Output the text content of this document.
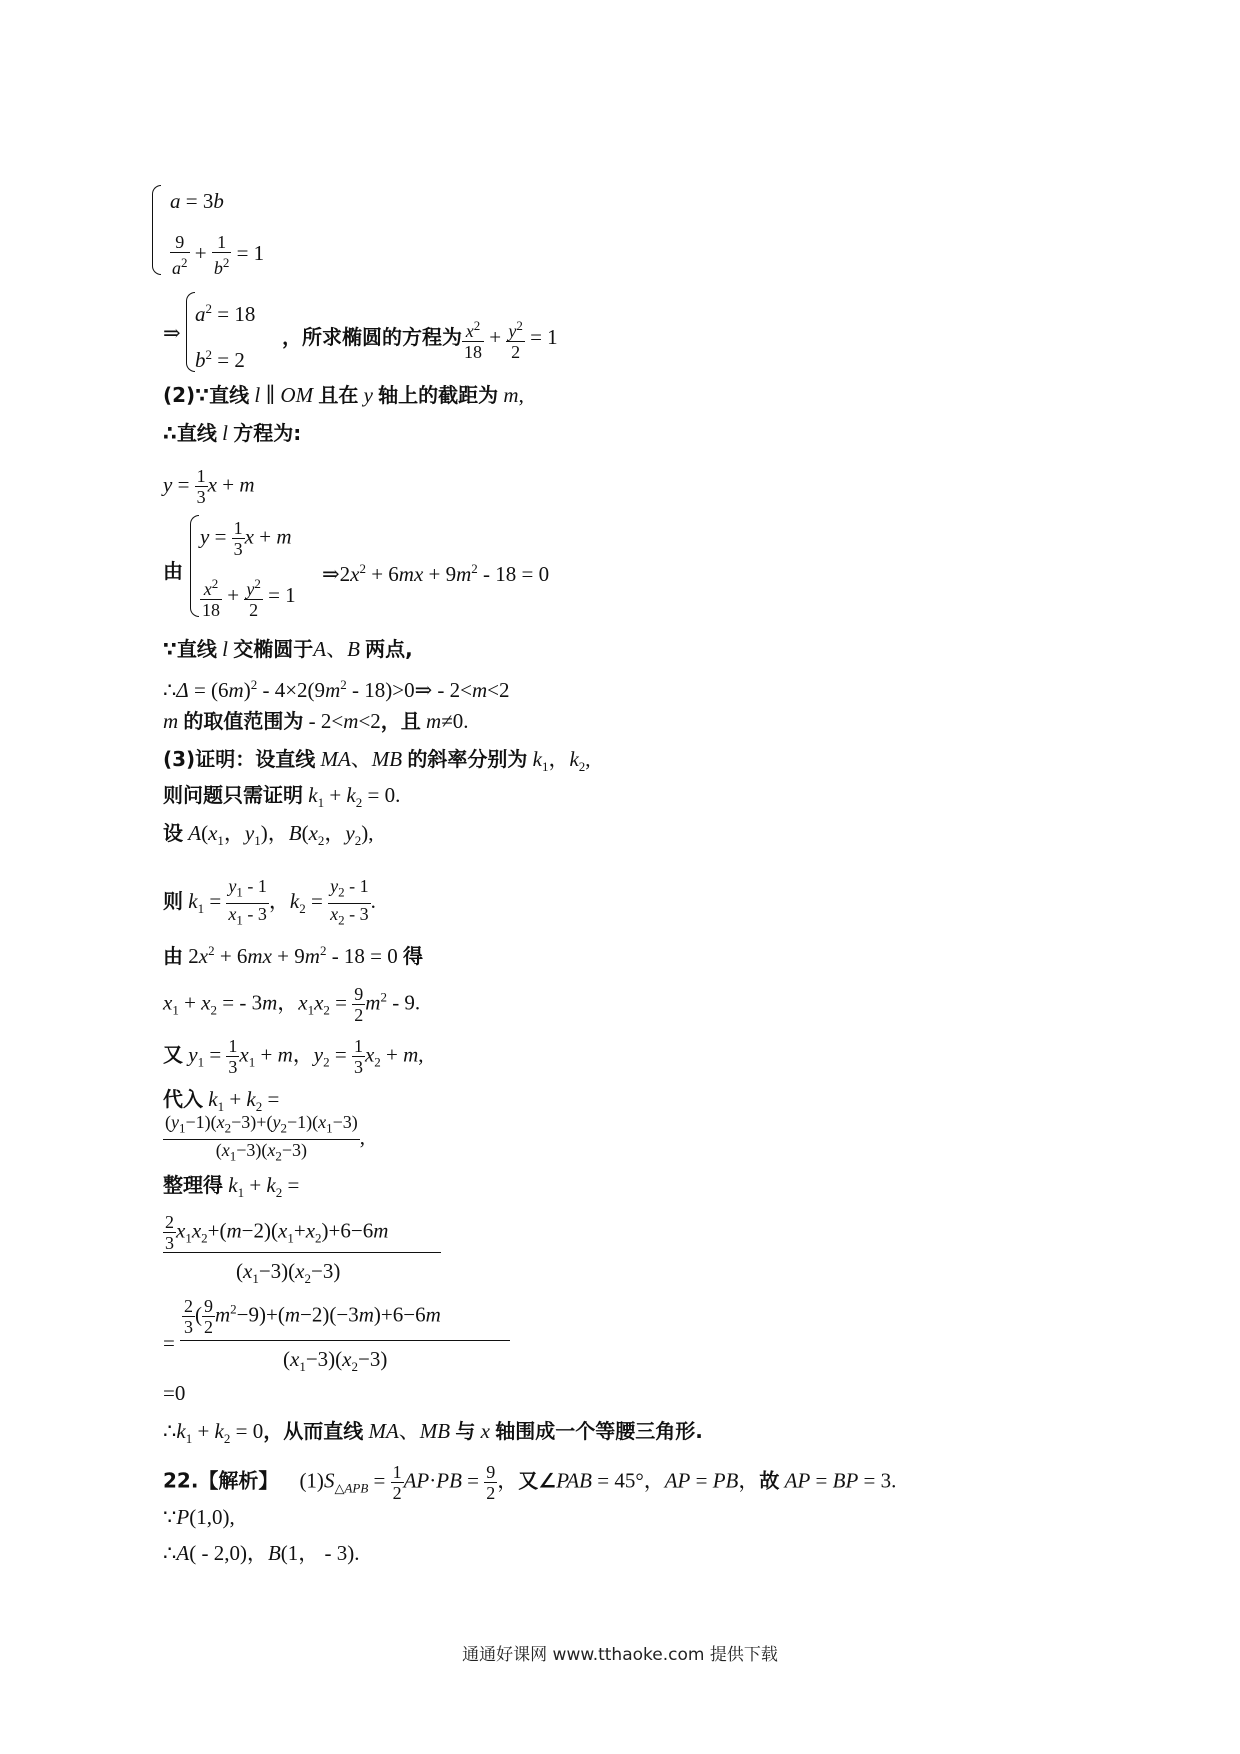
a = 3b
$\frac{9}{a^2} + \frac{1}{b^2} = 1$
⇒
$a^2 = 18$
$b^2 = 2$
，所求椭圆的方程为 $\frac{x^2}{18} + \frac{y^2}{2} = 1$
(2)∵直线 l ∥ OM 且在 y 轴上的截距为 m,
∴直线 l 方程为:
$y = \frac{1}{3}$ x + m
由
$y = \frac{1}{3}$ x + m
$\frac{x^2}{18} + \frac{y^2}{2} = 1$
$\Rightarrow 2x^2 + 6mx + 9m^2 - 18 = 0$
∵直线 l 交椭圆于A、B 两点,
∴Δ = $(6m)^2 - 4\times 2(9m^2$ - 18)>0⇒ - 2<m<2
m 的取值范围为 - 2<m<2，且 m≠0.
(3)证明：设直线 MA、MB 的斜率分别为 $k_1$，$k_2$,
则问题只需证明 $k_1 + k_2 = 0$.
设 $A(x_1$，$y_1$)，$B(x_2$，$y_2$),
则 $k_1 = \frac{y_1 - 1}{x_1 - 3}$ ，$k_2 = \frac{y_2 - 1}{x_2 - 3}$ .
由 $2x^2 + 6mx + 9m^2 - 18 = 0$ 得
$x_1 + x_2$ = - 3m，$x_1x_2 = \frac{9}{2} m^2 - 9$.
又 $y_1 = \frac{1}{3} x_1 + m$，$y_2 = \frac{1}{3} x_2 + m$,
代入 $k_1 + k_2$ =
$\frac{(y_1-1)(x_2-3)+(y_2-1)(x_1-3)}{(x_1-3)(x_2-3)}$ ,
整理得 $k_1 + k_2$ =
$\frac{2}{3} x_1x_2+(m-2)(x_1+x_2)+6-6m$
$(x_1-3)(x_2-3)$
=
$\frac{2}{3}$ ( $\frac{9}{2} m^2-9)+(m-2)(-3m)+6-6m$
$(x_1-3)(x_2-3)$
=0
$\therefore k_1 + k_2 = 0$，从而直线 MA、MB 与 x 轴围成一个等腰三角形.
22.【解析】    $(1)S_{\triangle APB} = \frac{1}{2} AP\cdot PB = \frac{9}{2}$ ，又∠PAB = 45°，AP = PB，故 AP = BP = 3.
∵P(1,0),
∴A( - 2,0)，B(1， - 3).
通通好课网 www.tthaoke.com 提供下载
